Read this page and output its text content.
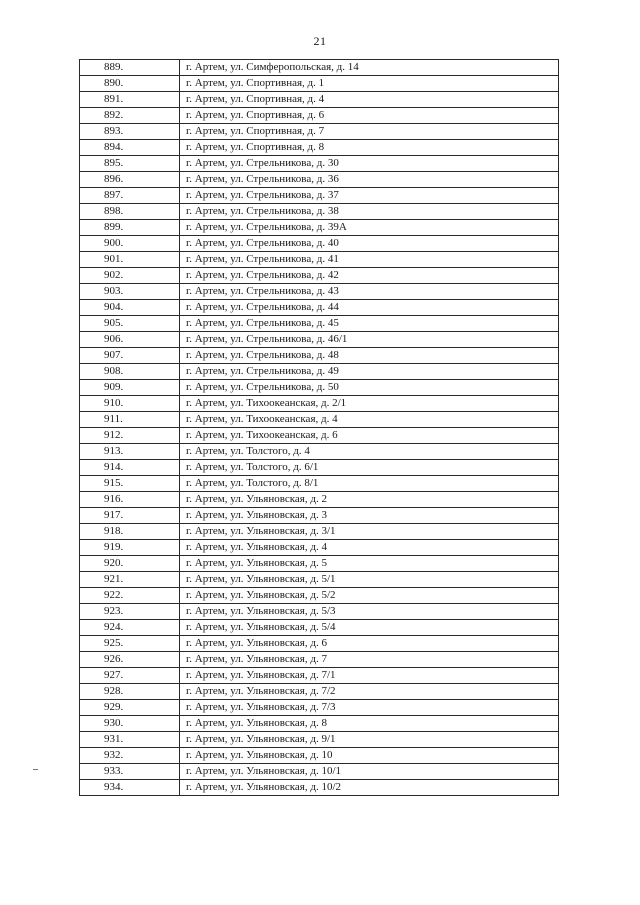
21
889.	г. Артем, ул. Симферопольская, д. 14
890.	г. Артем, ул. Спортивная, д. 1
891.	г. Артем, ул. Спортивная, д. 4
892.	г. Артем, ул. Спортивная, д. 6
893.	г. Артем, ул. Спортивная, д. 7
894.	г. Артем, ул. Спортивная, д. 8
895.	г. Артем, ул. Стрельникова, д. 30
896.	г. Артем, ул. Стрельникова, д. 36
897.	г. Артем, ул. Стрельникова, д. 37
898.	г. Артем, ул. Стрельникова, д. 38
899.	г. Артем, ул. Стрельникова, д. 39А
900.	г. Артем, ул. Стрельникова, д. 40
901.	г. Артем, ул. Стрельникова, д. 41
902.	г. Артем, ул. Стрельникова, д. 42
903.	г. Артем, ул. Стрельникова, д. 43
904.	г. Артем, ул. Стрельникова, д. 44
905.	г. Артем, ул. Стрельникова, д. 45
906.	г. Артем, ул. Стрельникова, д. 46/1
907.	г. Артем, ул. Стрельникова, д. 48
908.	г. Артем, ул. Стрельникова, д. 49
909.	г. Артем, ул. Стрельникова, д. 50
910.	г. Артем, ул. Тихоокеанская, д. 2/1
911.	г. Артем, ул. Тихоокеанская, д. 4
912.	г. Артем, ул. Тихоокеанская, д. 6
913.	г. Артем, ул. Толстого, д. 4
914.	г. Артем, ул. Толстого, д. 6/1
915.	г. Артем, ул. Толстого, д. 8/1
916.	г. Артем, ул. Ульяновская, д. 2
917.	г. Артем, ул. Ульяновская, д. 3
918.	г. Артем, ул. Ульяновская, д. 3/1
919.	г. Артем, ул. Ульяновская, д. 4
920.	г. Артем, ул. Ульяновская, д. 5
921.	г. Артем, ул. Ульяновская, д. 5/1
922.	г. Артем, ул. Ульяновская, д. 5/2
923.	г. Артем, ул. Ульяновская, д. 5/3
924.	г. Артем, ул. Ульяновская, д. 5/4
925.	г. Артем, ул. Ульяновская, д. 6
926.	г. Артем, ул. Ульяновская, д. 7
927.	г. Артем, ул. Ульяновская, д. 7/1
928.	г. Артем, ул. Ульяновская, д. 7/2
929.	г. Артем, ул. Ульяновская, д. 7/3
930.	г. Артем, ул. Ульяновская, д. 8
931.	г. Артем, ул. Ульяновская, д. 9/1
932.	г. Артем, ул. Ульяновская, д. 10
933.	г. Артем, ул. Ульяновская, д. 10/1
934.	г. Артем, ул. Ульяновская, д. 10/2
